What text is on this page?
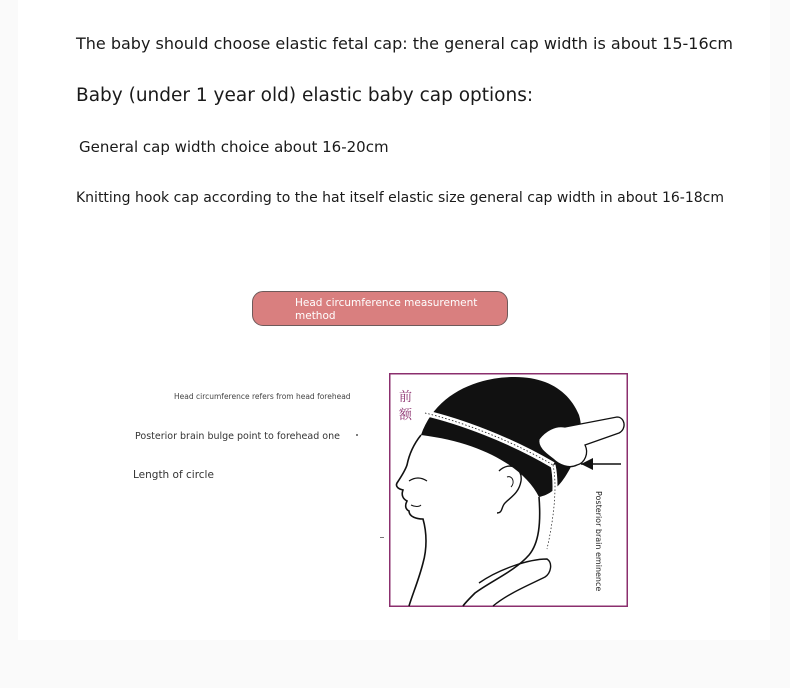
The baby should choose elastic fetal cap: the general cap width is about 15-16cm

Baby (under 1 year old) elastic baby cap options:

General cap width choice about 16-20cm

Knitting hook cap according to the hat itself elastic size general cap width in about 16-18cm

Head circumference measurement method

Head circumference refers from head forehead

Posterior brain bulge point to forehead one

Length of circle

前
额
Posterior brain eminence
